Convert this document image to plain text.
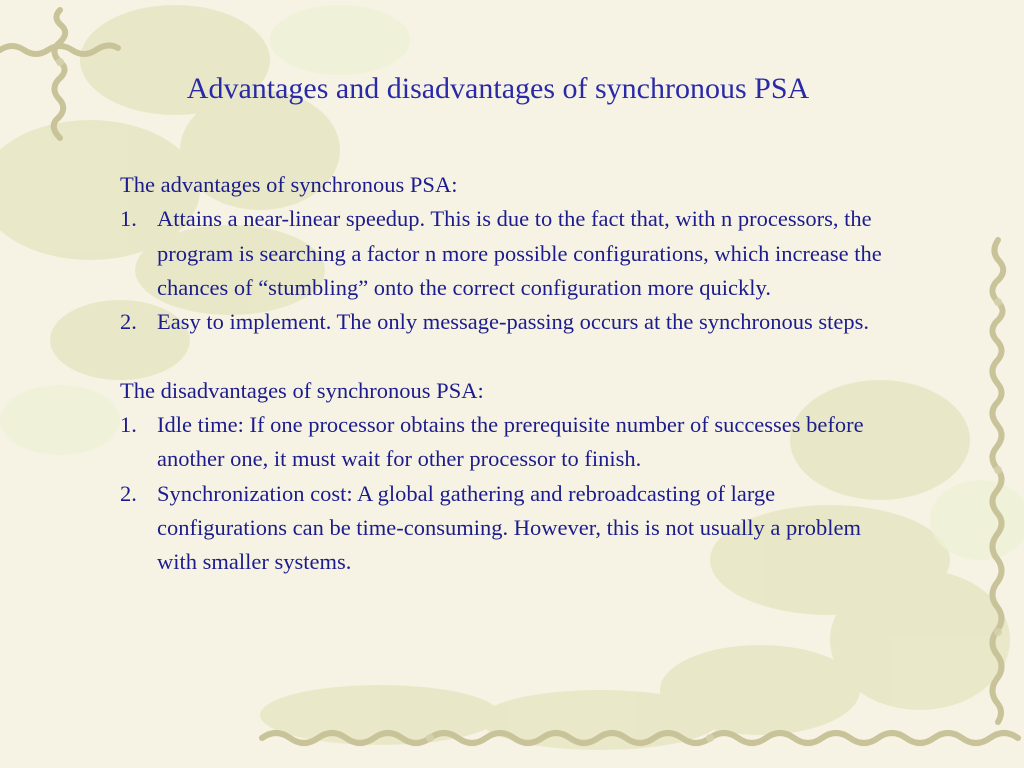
Advantages and disadvantages of synchronous PSA
The advantages of synchronous PSA:
1. Attains a near-linear speedup. This is due to the fact that, with n processors, the program is searching a factor n more possible configurations, which increase the chances of “stumbling” onto the correct configuration more quickly.
2. Easy to implement. The only message-passing occurs at the synchronous steps.
The disadvantages of synchronous PSA:
1. Idle time: If one processor obtains the prerequisite number of successes before another one, it must wait for other processor to finish.
2. Synchronization cost: A global gathering and rebroadcasting of large configurations can be time-consuming. However, this is not usually a problem with smaller systems.
